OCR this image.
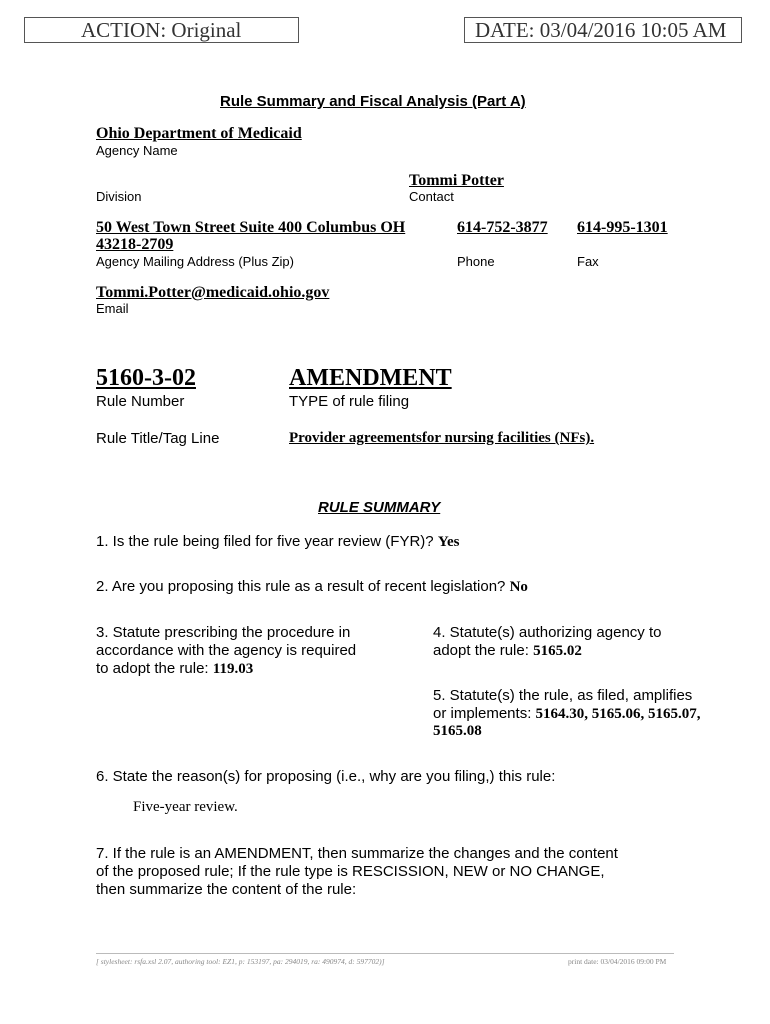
ACTION: Original	DATE: 03/04/2016 10:05 AM
Rule Summary and Fiscal Analysis (Part A)
Ohio Department of Medicaid
Agency Name
Tommi Potter
Division	Contact
50 West Town Street Suite 400 Columbus OH
43218-2709
614-752-3877 614-995-1301
Agency Mailing Address (Plus Zip)	Phone	Fax
Tommi.Potter@medicaid.ohio.gov
Email
5160-3-02	AMENDMENT
Rule Number	TYPE of rule filing
Rule Title/Tag Line	Provider agreementsfor nursing facilities (NFs).
RULE SUMMARY
1. Is the rule being filed for five year review (FYR)? Yes
2. Are you proposing this rule as a result of recent legislation? No
3. Statute prescribing the procedure in
accordance with the agency is required
to adopt the rule: 119.03
4. Statute(s) authorizing agency to
adopt the rule: 5165.02
5. Statute(s) the rule, as filed, amplifies
or implements: 5164.30, 5165.06, 5165.07,
5165.08
6. State the reason(s) for proposing (i.e., why are you filing,) this rule:
Five-year review.
7. If the rule is an AMENDMENT, then summarize the changes and the content
of the proposed rule; If the rule type is RESCISSION, NEW or NO CHANGE,
then summarize the content of the rule:
[ stylesheet: rsfa.xsl 2.07, authoring tool: EZ1, p: 153197, pa: 294019, ra: 490974, d: 597702)]	print date: 03/04/2016 09:00 PM
